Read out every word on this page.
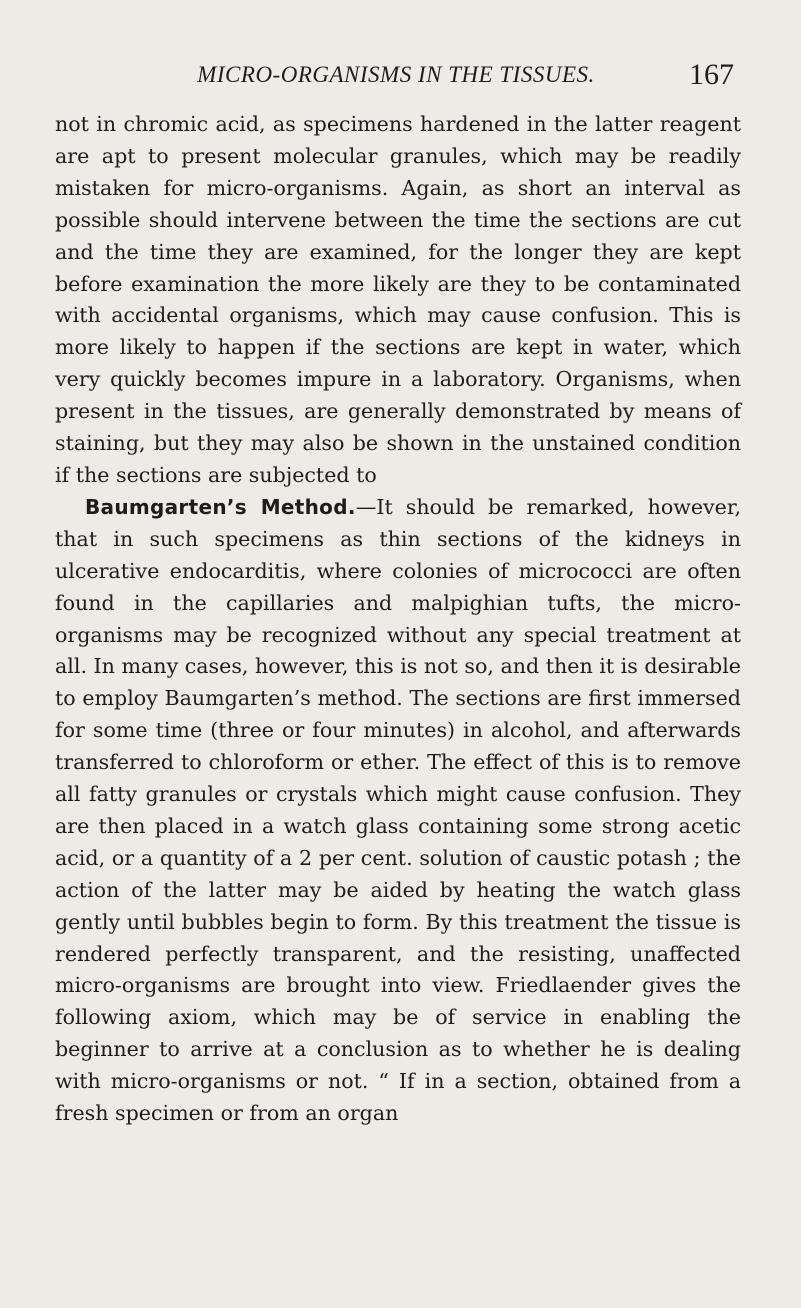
MICRO-ORGANISMS IN THE TISSUES.	167

not in chromic acid, as specimens hardened in the latter reagent are apt to present molecular granules, which may be readily mistaken for micro-organisms. Again, as short an interval as possible should intervene between the time the sections are cut and the time they are examined, for the longer they are kept before examination the more likely are they to be contaminated with accidental organisms, which may cause confusion. This is more likely to happen if the sections are kept in water, which very quickly becomes impure in a laboratory. Organisms, when present in the tissues, are generally demonstrated by means of staining, but they may also be shown in the unstained condition if the sections are subjected to

Baumgarten’s Method.—It should be remarked, however, that in such specimens as thin sections of the kidneys in ulcerative endocarditis, where colonies of micrococci are often found in the capillaries and malpighian tufts, the micro-organisms may be recognized without any special treatment at all. In many cases, however, this is not so, and then it is desirable to employ Baumgarten’s method. The sections are first immersed for some time (three or four minutes) in alcohol, and afterwards transferred to chloroform or ether. The effect of this is to remove all fatty granules or crystals which might cause confusion. They are then placed in a watch glass containing some strong acetic acid, or a quantity of a 2 per cent. solution of caustic potash ; the action of the latter may be aided by heating the watch glass gently until bubbles begin to form. By this treatment the tissue is rendered perfectly transparent, and the resisting, unaffected micro-organisms are brought into view. Friedlaender gives the following axiom, which may be of service in enabling the beginner to arrive at a conclusion as to whether he is dealing with micro-organisms or not. “ If in a section, obtained from a fresh specimen or from an organ
